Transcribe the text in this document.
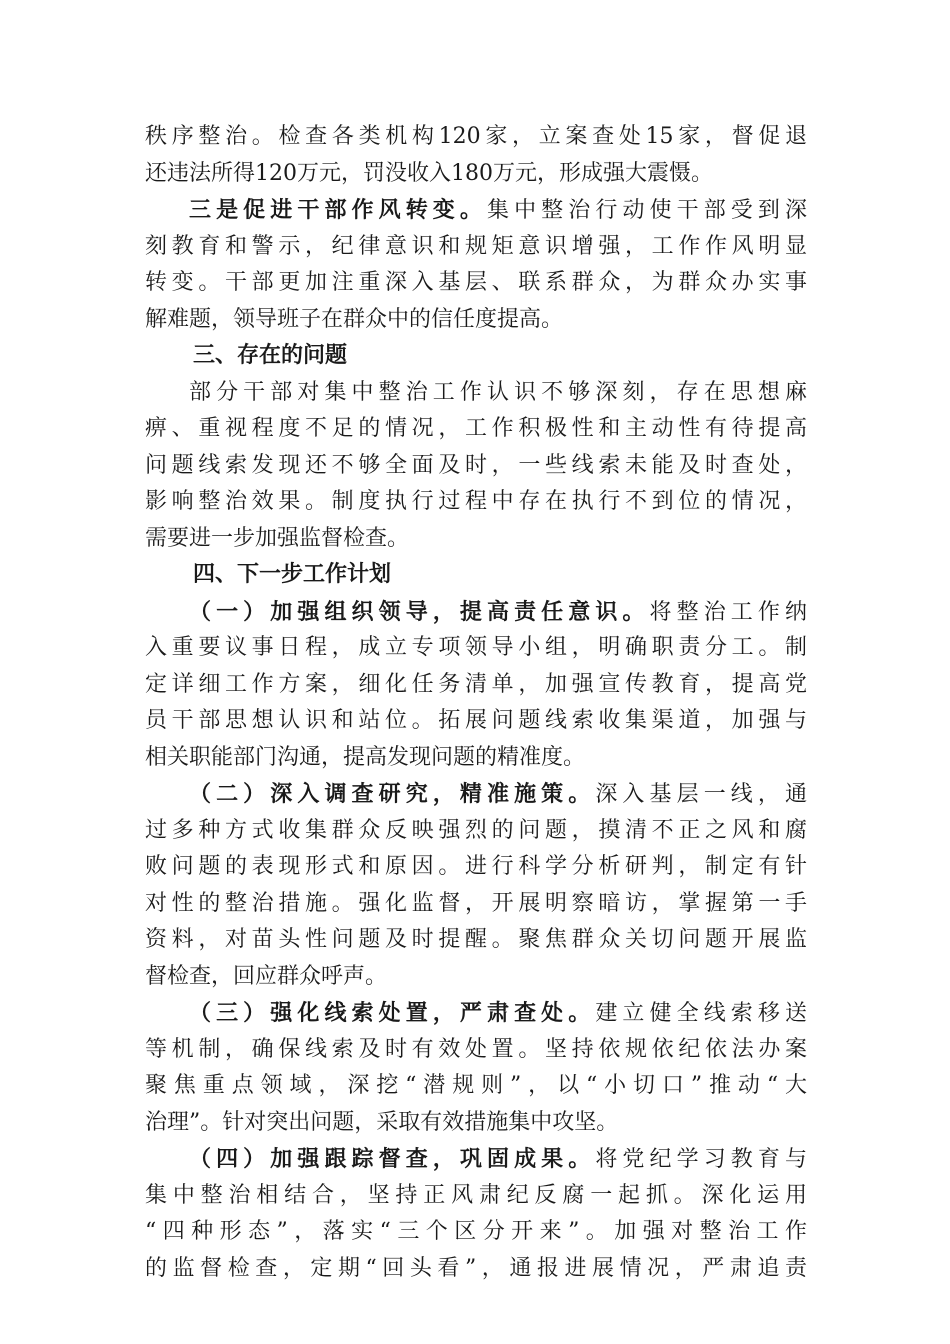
秩序整治。检查各类机构120家，立案查处15家，督促退
还违法所得120万元，罚没收入180万元，形成强大震慑。
三是促进干部作风转变。集中整治行动使干部受到深
刻教育和警示，纪律意识和规矩意识增强，工作作风明显
转变。干部更加注重深入基层、联系群众，为群众办实事
解难题，领导班子在群众中的信任度提高。
三、存在的问题
部分干部对集中整治工作认识不够深刻，存在思想麻
痹、重视程度不足的情况，工作积极性和主动性有待提高
问题线索发现还不够全面及时，一些线索未能及时查处，
影响整治效果。制度执行过程中存在执行不到位的情况，
需要进一步加强监督检查。
四、下一步工作计划
（一）加强组织领导，提高责任意识。将整治工作纳
入重要议事日程，成立专项领导小组，明确职责分工。制
定详细工作方案，细化任务清单，加强宣传教育，提高党
员干部思想认识和站位。拓展问题线索收集渠道，加强与
相关职能部门沟通，提高发现问题的精准度。
（二）深入调查研究，精准施策。深入基层一线，通
过多种方式收集群众反映强烈的问题，摸清不正之风和腐
败问题的表现形式和原因。进行科学分析研判，制定有针
对性的整治措施。强化监督，开展明察暗访，掌握第一手
资料，对苗头性问题及时提醒。聚焦群众关切问题开展监
督检查，回应群众呼声。
（三）强化线索处置，严肃查处。建立健全线索移送
等机制，确保线索及时有效处置。坚持依规依纪依法办案
聚焦重点领域，深挖“潜规则”，以“小切口”推动“大
治理”。针对突出问题，采取有效措施集中攻坚。
（四）加强跟踪督查，巩固成果。将党纪学习教育与
集中整治相结合，坚持正风肃纪反腐一起抓。深化运用
“四种形态”，落实“三个区分开来”。加强对整治工作
的监督检查，定期“回头看”，通报进展情况，严肃追责
